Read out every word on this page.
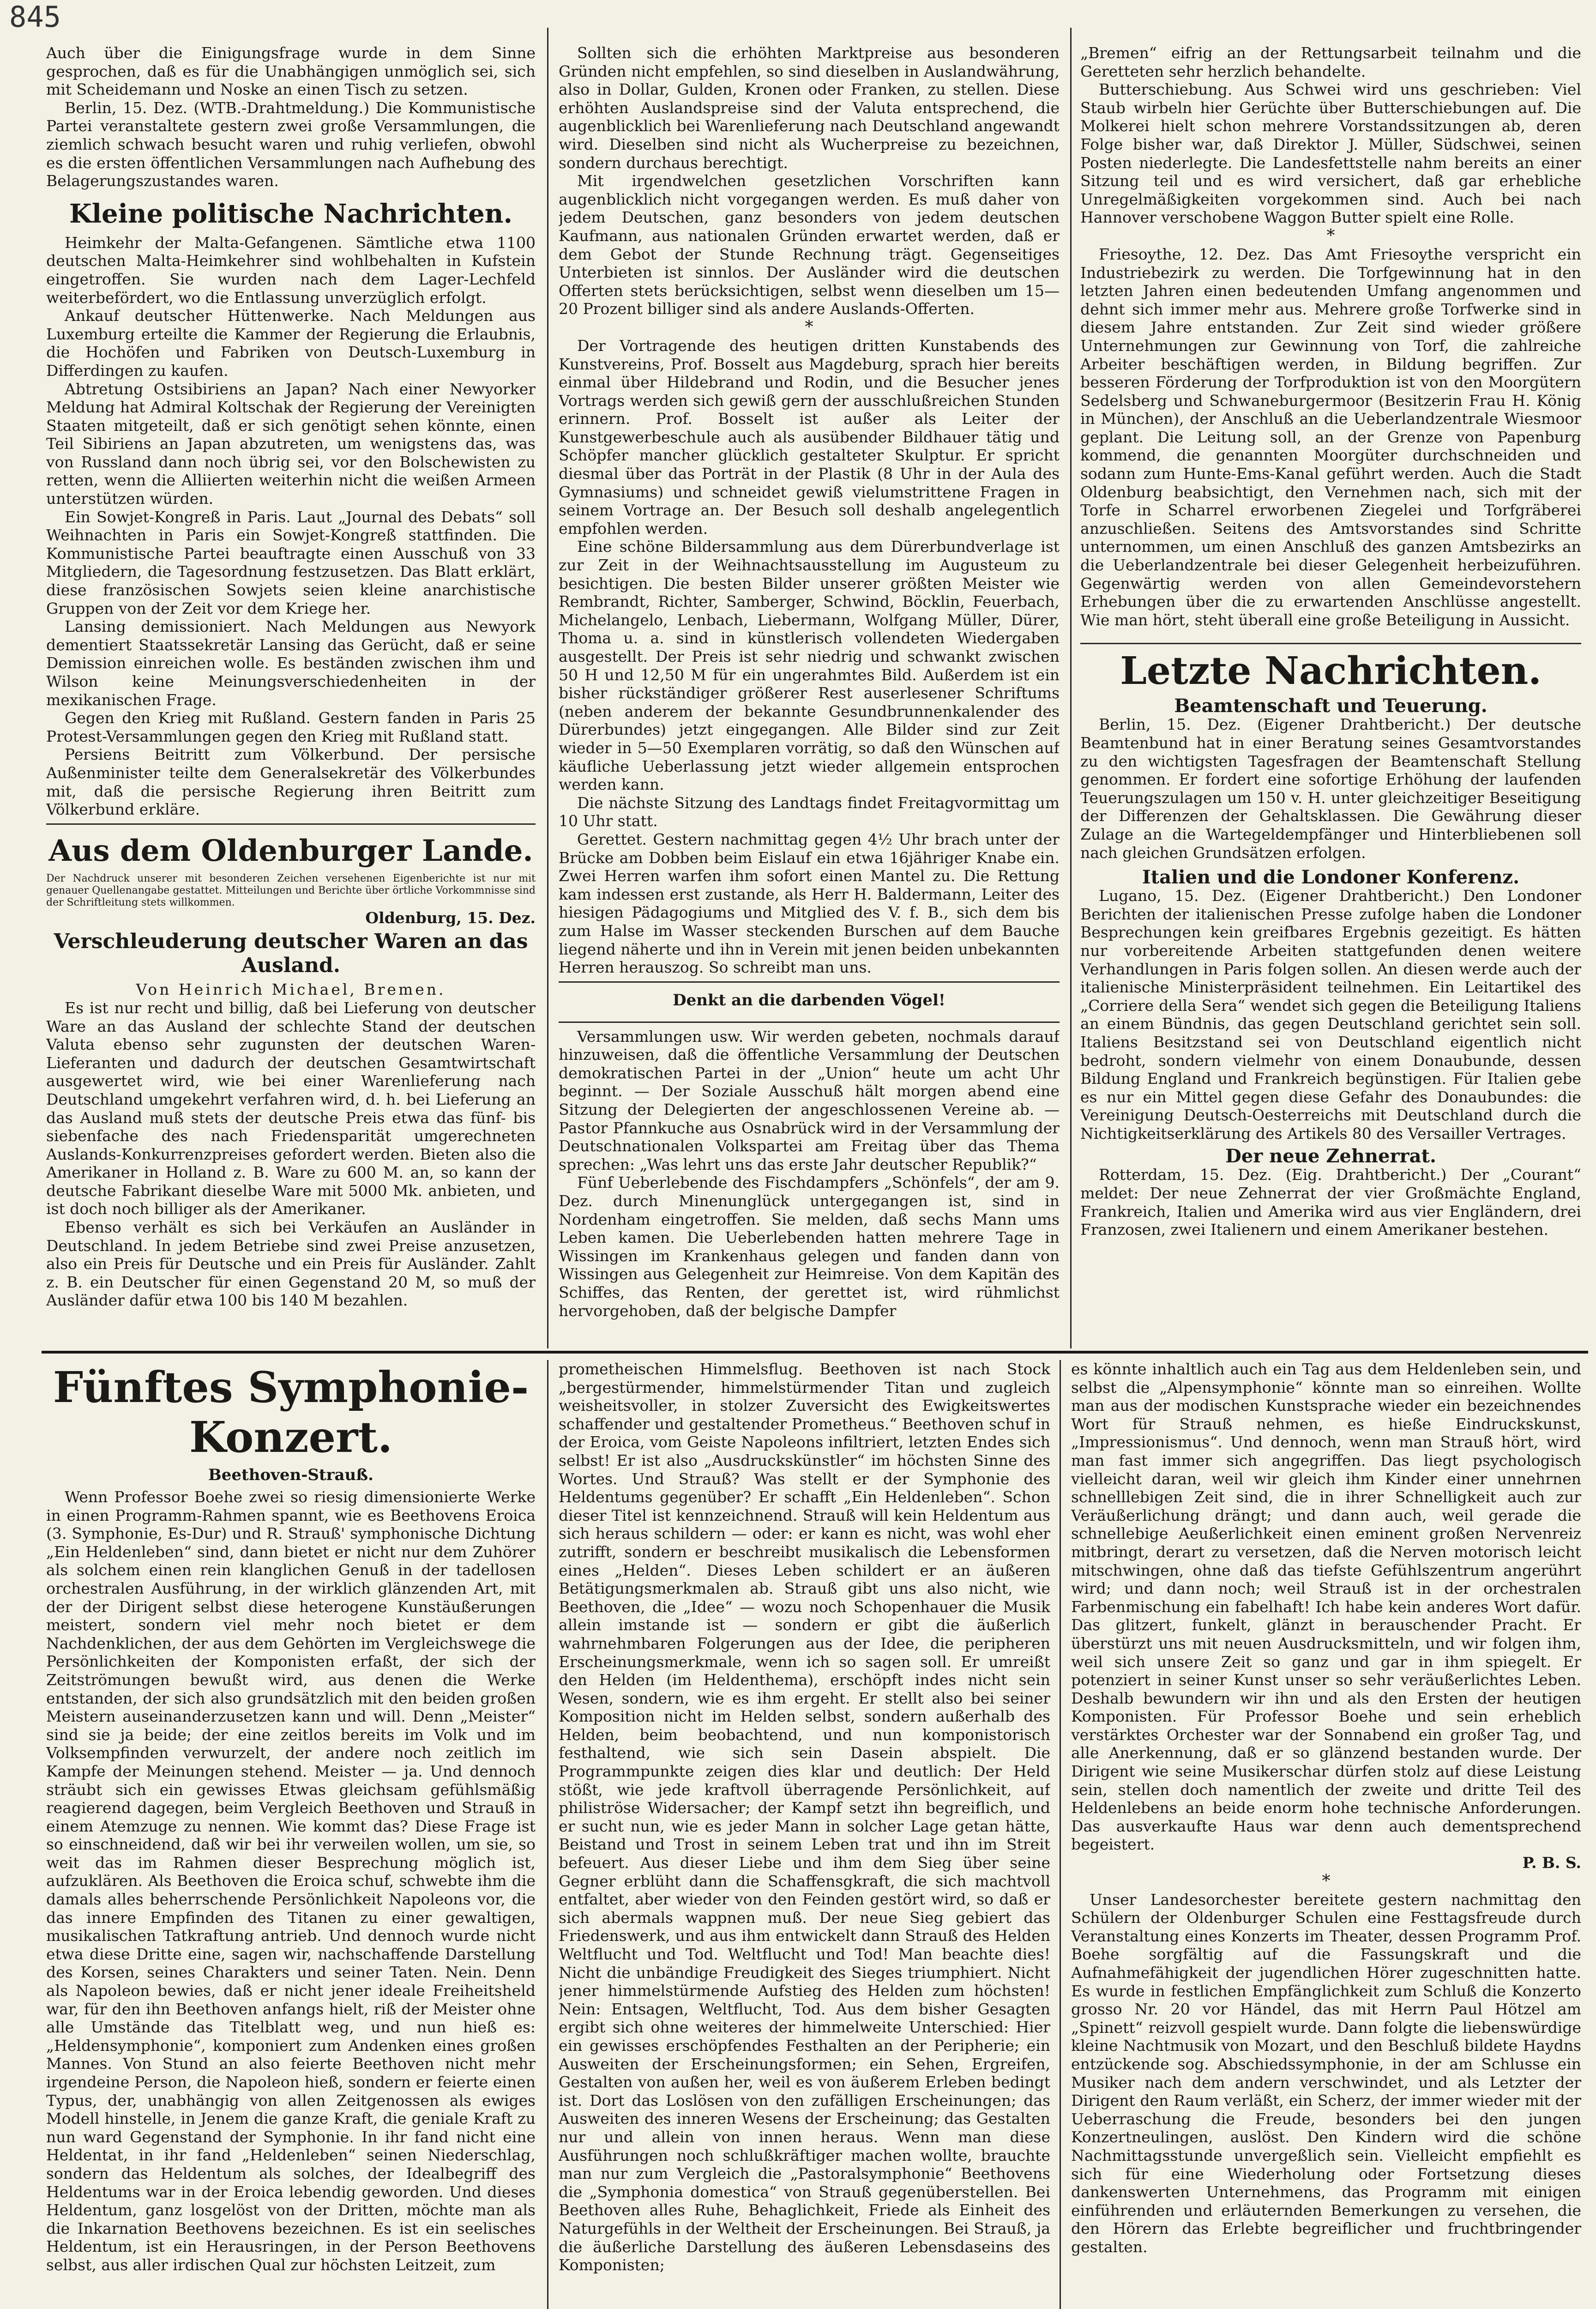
845

Auch über die Einigungsfrage wurde in dem Sinne gesprochen, daß es für die Unabhängigen unmöglich sei, sich mit Scheidemann und Noske an einen Tisch zu setzen.

Berlin, 15. Dez. (WTB.-Drahtmeldung.) Die Kommunistische Partei veranstaltete gestern zwei große Versammlungen, die ziemlich schwach besucht waren und ruhig verliefen, obwohl es die ersten öffentlichen Versammlungen nach Aufhebung des Belagerungszustandes waren.

Kleine politische Nachrichten.

Heimkehr der Malta-Gefangenen. Sämtliche etwa 1100 deutschen Malta-Heimkehrer sind wohlbehalten in Kufstein eingetroffen. Sie wurden nach dem Lager-Lechfeld weiterbefördert, wo die Entlassung unverzüglich erfolgt.

Ankauf deutscher Hüttenwerke. Nach Meldungen aus Luxemburg erteilte die Kammer der Regierung die Erlaubnis, die Hochöfen und Fabriken von Deutsch-Luxemburg in Differdingen zu kaufen.

Abtretung Ostsibiriens an Japan? Nach einer Newyorker Meldung hat Admiral Koltschak der Regierung der Vereinigten Staaten mitgeteilt, daß er sich genötigt sehen könnte, einen Teil Sibiriens an Japan abzutreten, um wenigstens das, was von Russland dann noch übrig sei, vor den Bolschewisten zu retten, wenn die Alliierten weiterhin nicht die weißen Armeen unterstützen würden.

Ein Sowjet-Kongreß in Paris. Laut „Journal des Debats“ soll Weihnachten in Paris ein Sowjet-Kongreß stattfinden. Die Kommunistische Partei beauftragte einen Ausschuß von 33 Mitgliedern, die Tagesordnung festzusetzen. Das Blatt erklärt, diese französischen Sowjets seien kleine anarchistische Gruppen von der Zeit vor dem Kriege her.

Lansing demissioniert. Nach Meldungen aus Newyork dementiert Staatssekretär Lansing das Gerücht, daß er seine Demission einreichen wolle. Es beständen zwischen ihm und Wilson keine Meinungsverschiedenheiten in der mexikanischen Frage.

Gegen den Krieg mit Rußland. Gestern fanden in Paris 25 Protest-Versammlungen gegen den Krieg mit Rußland statt.

Persiens Beitritt zum Völkerbund. Der persische Außenminister teilte dem Generalsekretär des Völkerbundes mit, daß die persische Regierung ihren Beitritt zum Völkerbund erkläre.

Aus dem Oldenburger Lande.

Der Nachdruck unserer mit besonderen Zeichen versehenen Eigenberichte ist nur mit genauer Quellenangabe gestattet. Mitteilungen und Berichte über örtliche Vorkommnisse sind der Schriftleitung stets willkommen.

Oldenburg, 15. Dez.

Verschleuderung deutscher Waren an das Ausland.

Von Heinrich Michael, Bremen.

Es ist nur recht und billig, daß bei Lieferung von deutscher Ware an das Ausland der schlechte Stand der deutschen Valuta ebenso sehr zugunsten der deutschen Waren-Lieferanten und dadurch der deutschen Gesamtwirtschaft ausgewertet wird, wie bei einer Warenlieferung nach Deutschland umgekehrt verfahren wird, d. h. bei Lieferung an das Ausland muß stets der deutsche Preis etwa das fünf- bis siebenfache des nach Friedensparität umgerechneten Auslands-Konkurrenzpreises gefordert werden. Bieten also die Amerikaner in Holland z. B. Ware zu 600 M. an, so kann der deutsche Fabrikant dieselbe Ware mit 5000 Mk. anbieten, und ist doch noch billiger als der Amerikaner.

Ebenso verhält es sich bei Verkäufen an Ausländer in Deutschland. In jedem Betriebe sind zwei Preise anzusetzen, also ein Preis für Deutsche und ein Preis für Ausländer. Zahlt z. B. ein Deutscher für einen Gegenstand 20 M, so muß der Ausländer dafür etwa 100 bis 140 M bezahlen.

Sollten sich die erhöhten Marktpreise aus besonderen Gründen nicht empfehlen, so sind dieselben in Auslandwährung, also in Dollar, Gulden, Kronen oder Franken, zu stellen. Diese erhöhten Auslandspreise sind der Valuta entsprechend, die augenblicklich bei Warenlieferung nach Deutschland angewandt wird. Dieselben sind nicht als Wucherpreise zu bezeichnen, sondern durchaus berechtigt.

Mit irgendwelchen gesetzlichen Vorschriften kann augenblicklich nicht vorgegangen werden. Es muß daher von jedem Deutschen, ganz besonders von jedem deutschen Kaufmann, aus nationalen Gründen erwartet werden, daß er dem Gebot der Stunde Rechnung trägt. Gegenseitiges Unterbieten ist sinnlos. Der Ausländer wird die deutschen Offerten stets berücksichtigen, selbst wenn dieselben um 15—20 Prozent billiger sind als andere Auslands-Offerten.

*

Der Vortragende des heutigen dritten Kunstabends des Kunstvereins, Prof. Bosselt aus Magdeburg, sprach hier bereits einmal über Hildebrand und Rodin, und die Besucher jenes Vortrags werden sich gewiß gern der ausschlußreichen Stunden erinnern. Prof. Bosselt ist außer als Leiter der Kunstgewerbeschule auch als ausübender Bildhauer tätig und Schöpfer mancher glücklich gestalteter Skulptur. Er spricht diesmal über das Porträt in der Plastik (8 Uhr in der Aula des Gymnasiums) und schneidet gewiß vielumstrittene Fragen in seinem Vortrage an. Der Besuch soll deshalb angelegentlich empfohlen werden.

Eine schöne Bildersammlung aus dem Dürerbundverlage ist zur Zeit in der Weihnachtsausstellung im Augusteum zu besichtigen. Die besten Bilder unserer größten Meister wie Rembrandt, Richter, Samberger, Schwind, Böcklin, Feuerbach, Michelangelo, Lenbach, Liebermann, Wolfgang Müller, Dürer, Thoma u. a. sind in künstlerisch vollendeten Wiedergaben ausgestellt. Der Preis ist sehr niedrig und schwankt zwischen 50 H und 12,50 M für ein ungerahmtes Bild. Außerdem ist ein bisher rückständiger größerer Rest auserlesener Schriftums (neben anderem der bekannte Gesundbrunnenkalender des Dürerbundes) jetzt eingegangen. Alle Bilder sind zur Zeit wieder in 5—50 Exemplaren vorrätig, so daß den Wünschen auf käufliche Ueberlassung jetzt wieder allgemein entsprochen werden kann.

Die nächste Sitzung des Landtags findet Freitagvormittag um 10 Uhr statt.

Gerettet. Gestern nachmittag gegen 4½ Uhr brach unter der Brücke am Dobben beim Eislauf ein etwa 16jähriger Knabe ein. Zwei Herren warfen ihm sofort einen Mantel zu. Die Rettung kam indessen erst zustande, als Herr H. Baldermann, Leiter des hiesigen Pädagogiums und Mitglied des V. f. B., sich dem bis zum Halse im Wasser steckenden Burschen auf dem Bauche liegend näherte und ihn in Verein mit jenen beiden unbekannten Herren herauszog. So schreibt man uns.

Denkt an die darbenden Vögel!

Versammlungen usw. Wir werden gebeten, nochmals darauf hinzuweisen, daß die öffentliche Versammlung der Deutschen demokratischen Partei in der „Union“ heute um acht Uhr beginnt. — Der Soziale Ausschuß hält morgen abend eine Sitzung der Delegierten der angeschlossenen Vereine ab. — Pastor Pfannkuche aus Osnabrück wird in der Versammlung der Deutschnationalen Volkspartei am Freitag über das Thema sprechen: „Was lehrt uns das erste Jahr deutscher Republik?“

Fünf Ueberlebende des Fischdampfers „Schönfels“, der am 9. Dez. durch Minenunglück untergegangen ist, sind in Nordenham eingetroffen. Sie melden, daß sechs Mann ums Leben kamen. Die Ueberlebenden hatten mehrere Tage in Wissingen im Krankenhaus gelegen und fanden dann von Wissingen aus Gelegenheit zur Heimreise. Von dem Kapitän des Schiffes, das Renten, der gerettet ist, wird rühmlichst hervorgehoben, daß der belgische Dampfer

„Bremen“ eifrig an der Rettungsarbeit teilnahm und die Geretteten sehr herzlich behandelte.

Butterschiebung. Aus Schwei wird uns geschrieben: Viel Staub wirbeln hier Gerüchte über Butterschiebungen auf. Die Molkerei hielt schon mehrere Vorstandssitzungen ab, deren Folge bisher war, daß Direktor J. Müller, Südschwei, seinen Posten niederlegte. Die Landesfettstelle nahm bereits an einer Sitzung teil und es wird versichert, daß gar erhebliche Unregelmäßigkeiten vorgekommen sind. Auch bei nach Hannover verschobene Waggon Butter spielt eine Rolle.

*

Friesoythe, 12. Dez. Das Amt Friesoythe verspricht ein Industriebezirk zu werden. Die Torfgewinnung hat in den letzten Jahren einen bedeutenden Umfang angenommen und dehnt sich immer mehr aus. Mehrere große Torfwerke sind in diesem Jahre entstanden. Zur Zeit sind wieder größere Unternehmungen zur Gewinnung von Torf, die zahlreiche Arbeiter beschäftigen werden, in Bildung begriffen. Zur besseren Förderung der Torfproduktion ist von den Moorgütern Sedelsberg und Schwaneburgermoor (Besitzerin Frau H. König in München), der Anschluß an die Ueberlandzentrale Wiesmoor geplant. Die Leitung soll, an der Grenze von Papenburg kommend, die genannten Moorgüter durchschneiden und sodann zum Hunte-Ems-Kanal geführt werden. Auch die Stadt Oldenburg beabsichtigt, den Vernehmen nach, sich mit der Torfe in Scharrel erworbenen Ziegelei und Torfgräberei anzuschließen. Seitens des Amtsvorstandes sind Schritte unternommen, um einen Anschluß des ganzen Amtsbezirks an die Ueberlandzentrale bei dieser Gelegenheit herbeizuführen. Gegenwärtig werden von allen Gemeindevorstehern Erhebungen über die zu erwartenden Anschlüsse angestellt. Wie man hört, steht überall eine große Beteiligung in Aussicht.

Letzte Nachrichten.
Beamtenschaft und Teuerung.

Berlin, 15. Dez. (Eigener Drahtbericht.) Der deutsche Beamtenbund hat in einer Beratung seines Gesamtvorstandes zu den wichtigsten Tagesfragen der Beamtenschaft Stellung genommen. Er fordert eine sofortige Erhöhung der laufenden Teuerungszulagen um 150 v. H. unter gleichzeitiger Beseitigung der Differenzen der Gehaltsklassen. Die Gewährung dieser Zulage an die Wartegeldempfänger und Hinterbliebenen soll nach gleichen Grundsätzen erfolgen.

Italien und die Londoner Konferenz.

Lugano, 15. Dez. (Eigener Drahtbericht.) Den Londoner Berichten der italienischen Presse zufolge haben die Londoner Besprechungen kein greifbares Ergebnis gezeitigt. Es hätten nur vorbereitende Arbeiten stattgefunden denen weitere Verhandlungen in Paris folgen sollen. An diesen werde auch der italienische Ministerpräsident teilnehmen. Ein Leitartikel des „Corriere della Sera“ wendet sich gegen die Beteiligung Italiens an einem Bündnis, das gegen Deutschland gerichtet sein soll. Italiens Besitzstand sei von Deutschland eigentlich nicht bedroht, sondern vielmehr von einem Donaubunde, dessen Bildung England und Frankreich begünstigen. Für Italien gebe es nur ein Mittel gegen diese Gefahr des Donaubundes: die Vereinigung Deutsch-Oesterreichs mit Deutschland durch die Nichtigkeitserklärung des Artikels 80 des Versailler Vertrages.

Der neue Zehnerrat.

Rotterdam, 15. Dez. (Eig. Drahtbericht.) Der „Courant“ meldet: Der neue Zehnerrat der vier Großmächte England, Frankreich, Italien und Amerika wird aus vier Engländern, drei Franzosen, zwei Italienern und einem Amerikaner bestehen.

Fünftes Symphonie-Konzert.
Beethoven-Strauß.

Wenn Professor Boehe zwei so riesig dimensionierte Werke in einen Programm-Rahmen spannt, wie es Beethovens Eroica (3. Symphonie, Es-Dur) und R. Strauß' symphonische Dichtung „Ein Heldenleben“ sind, dann bietet er nicht nur dem Zuhörer als solchem einen rein klanglichen Genuß in der tadellosen orchestralen Ausführung, in der wirklich glänzenden Art, mit der der Dirigent selbst diese heterogene Kunstäußerungen meistert, sondern viel mehr noch bietet er dem Nachdenklichen, der aus dem Gehörten im Vergleichswege die Persönlichkeiten der Komponisten erfaßt, der sich der Zeitströmungen bewußt wird, aus denen die Werke entstanden, der sich also grundsätzlich mit den beiden großen Meistern auseinanderzusetzen kann und will. Denn „Meister“ sind sie ja beide; der eine zeitlos bereits im Volk und im Volksempfinden verwurzelt, der andere noch zeitlich im Kampfe der Meinungen stehend. Meister — ja. Und dennoch sträubt sich ein gewisses Etwas gleichsam gefühlsmäßig reagierend dagegen, beim Vergleich Beethoven und Strauß in einem Atemzuge zu nennen. Wie kommt das? Diese Frage ist so einschneidend, daß wir bei ihr verweilen wollen, um sie, so weit das im Rahmen dieser Besprechung möglich ist, aufzuklären. Als Beethoven die Eroica schuf, schwebte ihm die damals alles beherrschende Persönlichkeit Napoleons vor, die das innere Empfinden des Titanen zu einer gewaltigen, musikalischen Tatkraftung antrieb. Und dennoch wurde nicht etwa diese Dritte eine, sagen wir, nachschaffende Darstellung des Korsen, seines Charakters und seiner Taten. Nein. Denn als Napoleon bewies, daß er nicht jener ideale Freiheitsheld war, für den ihn Beethoven anfangs hielt, riß der Meister ohne alle Umstände das Titelblatt weg, und nun hieß es: „Heldensymphonie“, komponiert zum Andenken eines großen Mannes. Von Stund an also feierte Beethoven nicht mehr irgendeine Person, die Napoleon hieß, sondern er feierte einen Typus, der, unabhängig von allen Zeitgenossen als ewiges Modell hinstelle, in Jenem die ganze Kraft, die geniale Kraft zu nun ward Gegenstand der Symphonie. In ihr fand nicht eine Heldentat, in ihr fand „Heldenleben“ seinen Niederschlag, sondern das Heldentum als solches, der Idealbegriff des Heldentums war in der Eroica lebendig geworden. Und dieses Heldentum, ganz losgelöst von der Dritten, möchte man als die Inkarnation Beethovens bezeichnen. Es ist ein seelisches Heldentum, ist ein Herausringen, in der Person Beethovens selbst, aus aller irdischen Qual zur höchsten Leitzeit, zum

prometheischen Himmelsflug. Beethoven ist nach Stock „bergestürmender, himmelstürmender Titan und zugleich weisheitsvoller, in stolzer Zuversicht des Ewigkeitswertes schaffender und gestaltender Prometheus.“ Beethoven schuf in der Eroica, vom Geiste Napoleons infiltriert, letzten Endes sich selbst! Er ist also „Ausdruckskünstler“ im höchsten Sinne des Wortes. Und Strauß? Was stellt er der Symphonie des Heldentums gegenüber? Er schafft „Ein Heldenleben“. Schon dieser Titel ist kennzeichnend. Strauß will kein Heldentum aus sich heraus schildern — oder: er kann es nicht, was wohl eher zutrifft, sondern er beschreibt musikalisch die Lebensformen eines „Helden“. Dieses Leben schildert er an äußeren Betätigungsmerkmalen ab. Strauß gibt uns also nicht, wie Beethoven, die „Idee“ — wozu noch Schopenhauer die Musik allein imstande ist — sondern er gibt die äußerlich wahrnehmbaren Folgerungen aus der Idee, die peripheren Erscheinungsmerkmale, wenn ich so sagen soll. Er umreißt den Helden (im Heldenthema), erschöpft indes nicht sein Wesen, sondern, wie es ihm ergeht. Er stellt also bei seiner Komposition nicht im Helden selbst, sondern außerhalb des Helden, beim beobachtend, und nun komponistorisch festhaltend, wie sich sein Dasein abspielt. Die Programmpunkte zeigen dies klar und deutlich: Der Held stößt, wie jede kraftvoll überragende Persönlichkeit, auf philiströse Widersacher; der Kampf setzt ihn begreiflich, und er sucht nun, wie es jeder Mann in solcher Lage getan hätte, Beistand und Trost in seinem Leben trat und ihn im Streit befeuert. Aus dieser Liebe und ihm dem Sieg über seine Gegner erblüht dann die Schaffensgkraft, die sich machtvoll entfaltet, aber wieder von den Feinden gestört wird, so daß er sich abermals wappnen muß. Der neue Sieg gebiert das Friedenswerk, und aus ihm entwickelt dann Strauß des Helden Weltflucht und Tod. Weltflucht und Tod! Man beachte dies! Nicht die unbändige Freudigkeit des Sieges triumphiert. Nicht jener himmelstürmende Aufstieg des Helden zum höchsten! Nein: Entsagen, Weltflucht, Tod. Aus dem bisher Gesagten ergibt sich ohne weiteres der himmelweite Unterschied: Hier ein gewisses erschöpfendes Festhalten an der Peripherie; ein Ausweiten der Erscheinungsformen; ein Sehen, Ergreifen, Gestalten von außen her, weil es von äußerem Erleben bedingt ist. Dort das Loslösen von den zufälligen Erscheinungen; das Ausweiten des inneren Wesens der Erscheinung; das Gestalten nur und allein von innen heraus. Wenn man diese Ausführungen noch schlußkräftiger machen wollte, brauchte man nur zum Vergleich die „Pastoralsymphonie“ Beethovens die „Symphonia domestica“ von Strauß gegenüberstellen. Bei Beethoven alles Ruhe, Behaglichkeit, Friede als Einheit des Naturgefühls in der Weltheit der Erscheinungen. Bei Strauß, ja die äußerliche Darstellung des äußeren Lebensdaseins des Komponisten;

es könnte inhaltlich auch ein Tag aus dem Heldenleben sein, und selbst die „Alpensymphonie“ könnte man so einreihen. Wollte man aus der modischen Kunstsprache wieder ein bezeichnendes Wort für Strauß nehmen, es hieße Eindruckskunst, „Impressionismus“. Und dennoch, wenn man Strauß hört, wird man fast immer sich angegriffen. Das liegt psychologisch vielleicht daran, weil wir gleich ihm Kinder einer unnehrnen schnelllebigen Zeit sind, die in ihrer Schnelligkeit auch zur Veräußerlichung drängt; und dann auch, weil gerade die schnellebige Aeußerlichkeit einen eminent großen Nervenreiz mitbringt, derart zu versetzen, daß die Nerven motorisch leicht mitschwingen, ohne daß das tiefste Gefühlszentrum angerührt wird; und dann noch; weil Strauß ist in der orchestralen Farbenmischung ein fabelhaft! Ich habe kein anderes Wort dafür. Das glitzert, funkelt, glänzt in berauschender Pracht. Er überstürzt uns mit neuen Ausdrucksmitteln, und wir folgen ihm, weil sich unsere Zeit so ganz und gar in ihm spiegelt. Er potenziert in seiner Kunst unser so sehr veräußerlichtes Leben. Deshalb bewundern wir ihn und als den Ersten der heutigen Komponisten. Für Professor Boehe und sein erheblich verstärktes Orchester war der Sonnabend ein großer Tag, und alle Anerkennung, daß er so glänzend bestanden wurde. Der Dirigent wie seine Musikerschar dürfen stolz auf diese Leistung sein, stellen doch namentlich der zweite und dritte Teil des Heldenlebens an beide enorm hohe technische Anforderungen. Das ausverkaufte Haus war denn auch dementsprechend begeistert.

P. B. S.

*

Unser Landesorchester bereitete gestern nachmittag den Schülern der Oldenburger Schulen eine Festtagsfreude durch Veranstaltung eines Konzerts im Theater, dessen Programm Prof. Boehe sorgfältig auf die Fassungskraft und die Aufnahmefähigkeit der jugendlichen Hörer zugeschnitten hatte. Es wurde in festlichen Empfänglichkeit zum Schluß die Konzerto grosso Nr. 20 vor Händel, das mit Herrn Paul Hötzel am „Spinett“ reizvoll gespielt wurde. Dann folgte die liebenswürdige kleine Nachtmusik von Mozart, und den Beschluß bildete Haydns entzückende sog. Abschiedssymphonie, in der am Schlusse ein Musiker nach dem andern verschwindet, und als Letzter der Dirigent den Raum verläßt, ein Scherz, der immer wieder mit der Ueberraschung die Freude, besonders bei den jungen Konzertneulingen, auslöst. Den Kindern wird die schöne Nachmittagsstunde unvergeßlich sein. Vielleicht empfiehlt es sich für eine Wiederholung oder Fortsetzung dieses dankenswerten Unternehmens, das Programm mit einigen einführenden und erläuternden Bemerkungen zu versehen, die den Hörern das Erlebte begreiflicher und fruchtbringender gestalten.
